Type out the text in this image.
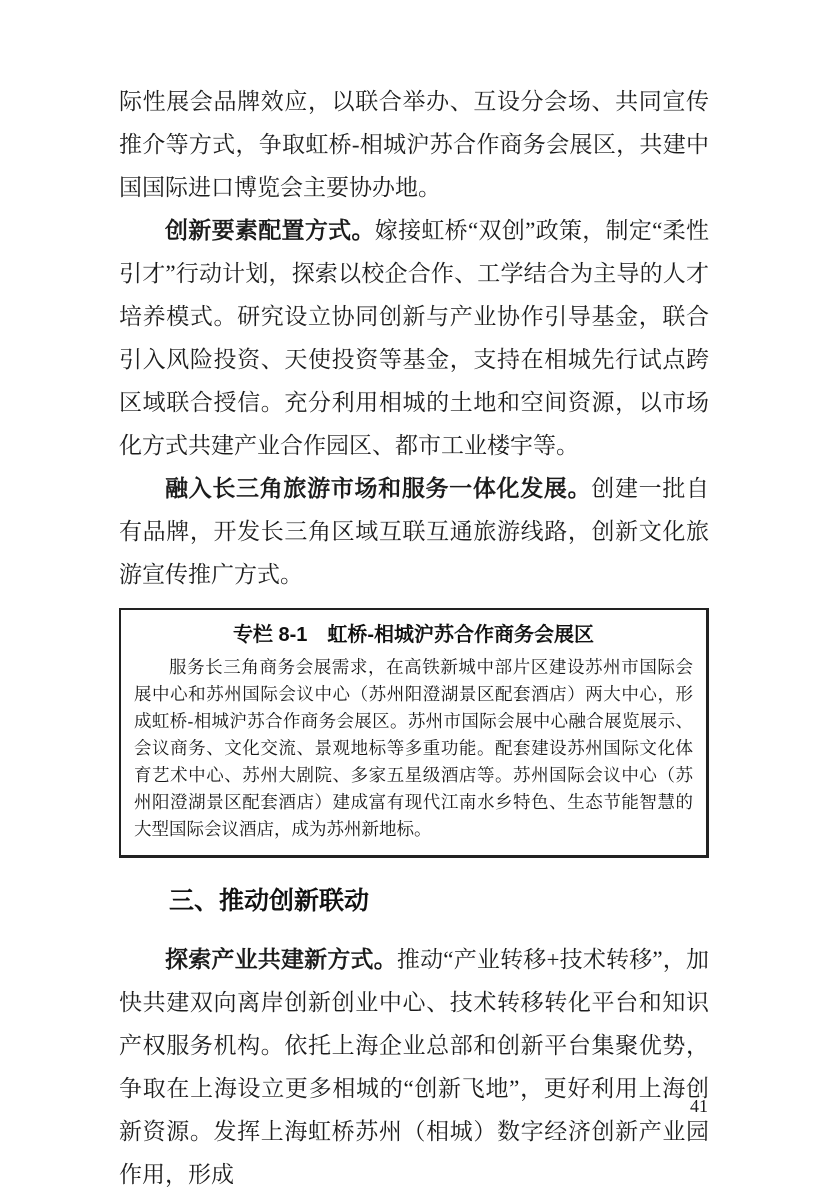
际性展会品牌效应，以联合举办、互设分会场、共同宣传推介等方式，争取虹桥-相城沪苏合作商务会展区，共建中国国际进口博览会主要协办地。

创新要素配置方式。嫁接虹桥“双创”政策，制定“柔性引才”行动计划，探索以校企合作、工学结合为主导的人才培养模式。研究设立协同创新与产业协作引导基金，联合引入风险投资、天使投资等基金，支持在相城先行试点跨区域联合授信。充分利用相城的土地和空间资源，以市场化方式共建产业合作园区、都市工业楼宇等。

融入长三角旅游市场和服务一体化发展。创建一批自有品牌，开发长三角区域互联互通旅游线路，创新文化旅游宣传推广方式。

专栏 8-1　虹桥-相城沪苏合作商务会展区

服务长三角商务会展需求，在高铁新城中部片区建设苏州市国际会展中心和苏州国际会议中心（苏州阳澄湖景区配套酒店）两大中心，形成虹桥-相城沪苏合作商务会展区。苏州市国际会展中心融合展览展示、会议商务、文化交流、景观地标等多重功能。配套建设苏州国际文化体育艺术中心、苏州大剧院、多家五星级酒店等。苏州国际会议中心（苏州阳澄湖景区配套酒店）建成富有现代江南水乡特色、生态节能智慧的大型国际会议酒店，成为苏州新地标。

三、推动创新联动

探索产业共建新方式。推动“产业转移+技术转移”，加快共建双向离岸创新创业中心、技术转移转化平台和知识产权服务机构。依托上海企业总部和创新平台集聚优势，争取在上海设立更多相城的“创新飞地”，更好利用上海创新资源。发挥上海虹桥苏州（相城）数字经济创新产业园作用，形成

41
